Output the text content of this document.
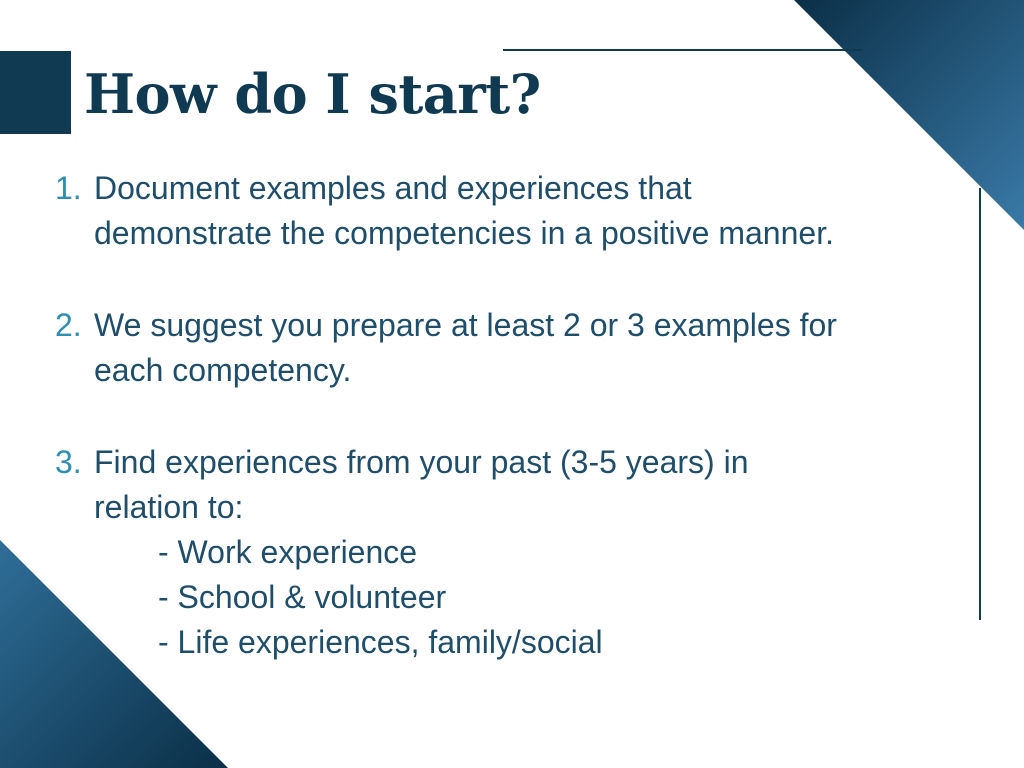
How do I start?
1. Document examples and experiences that
demonstrate the competencies in a positive manner.
2. We suggest you prepare at least 2 or 3 examples for
each competency.
3. Find experiences from your past (3-5 years) in
relation to:
- Work experience
- School & volunteer
- Life experiences, family/social
